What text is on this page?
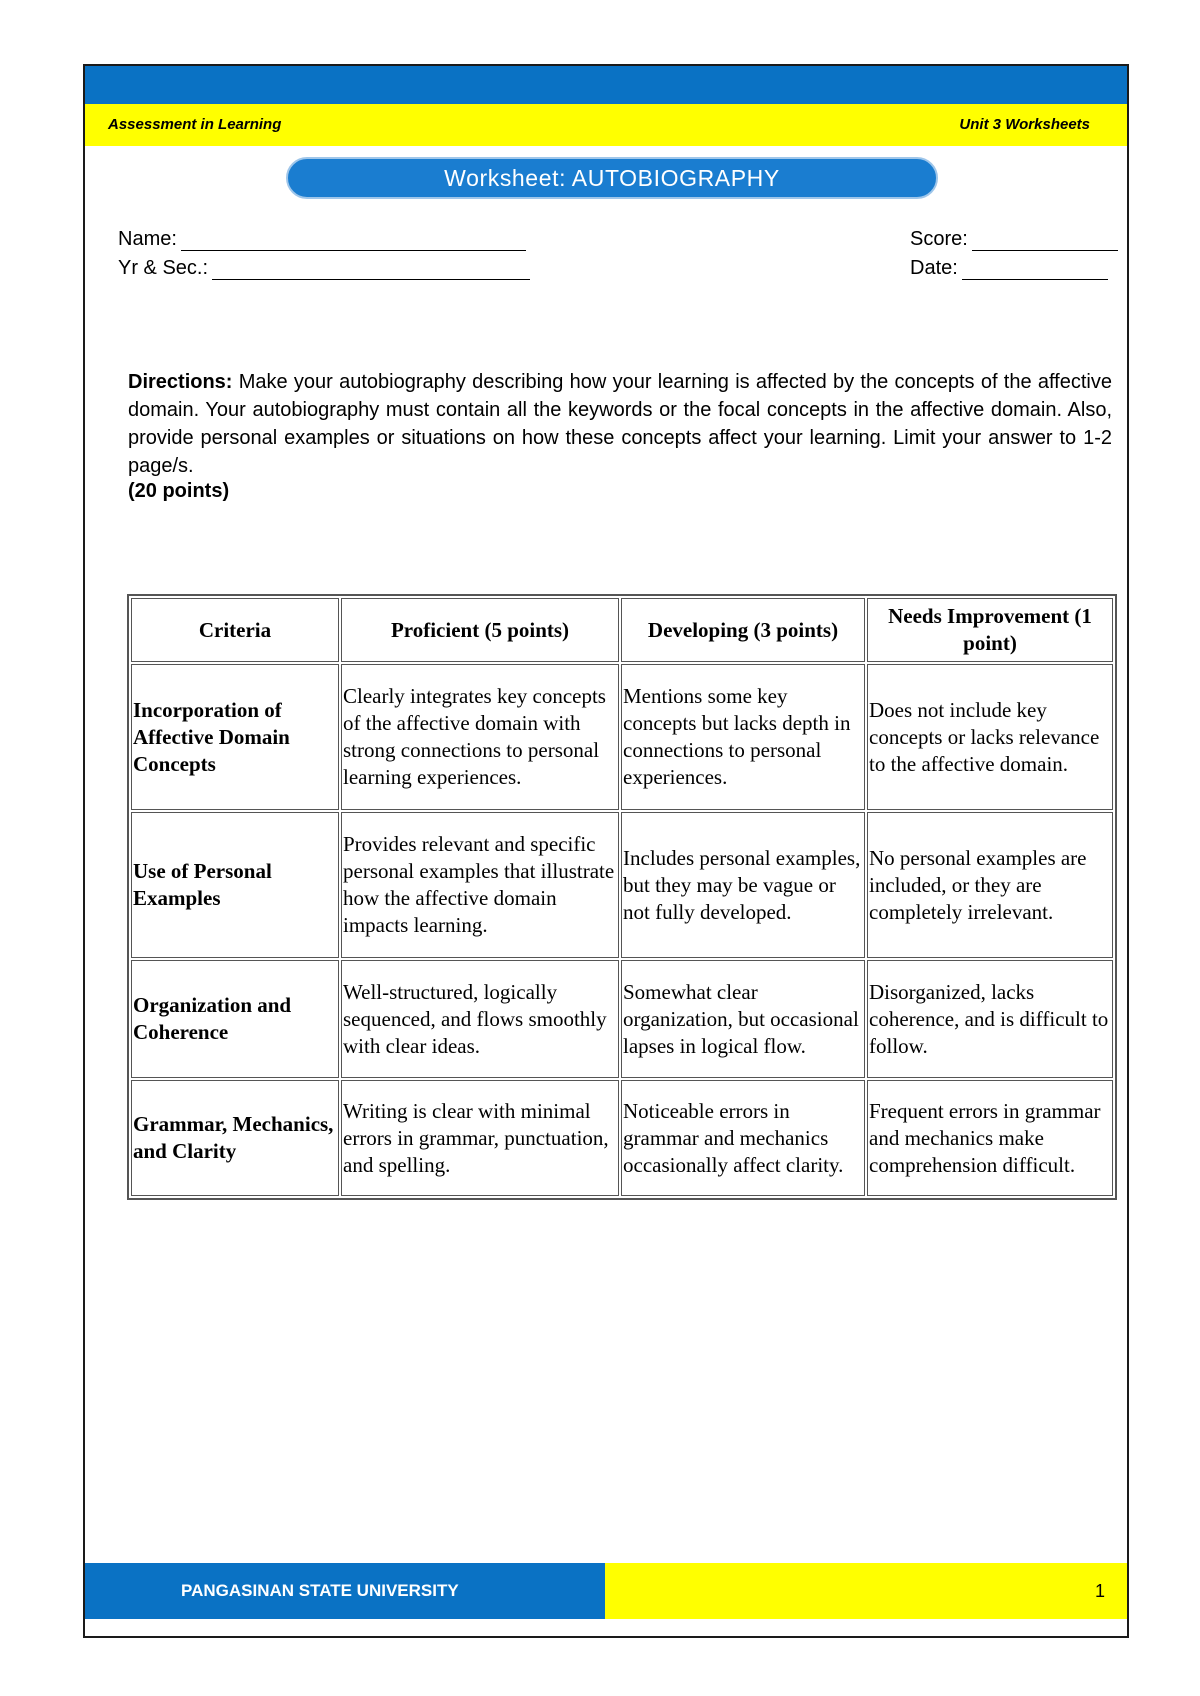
Assessment in Learning	Unit 3 Worksheets
Worksheet: AUTOBIOGRAPHY
Name:
Yr & Sec.:
Score:
Date:
Directions: Make your autobiography describing how your learning is affected by the concepts of the affective domain. Your autobiography must contain all the keywords or the focal concepts in the affective domain. Also, provide personal examples or situations on how these concepts affect your learning. Limit your answer to 1-2 page/s.
(20 points)
Criteria	Proficient (5 points)	Developing (3 points)	Needs Improvement (1 point)
Incorporation of Affective Domain Concepts	Clearly integrates key concepts of the affective domain with strong connections to personal learning experiences.	Mentions some key concepts but lacks depth in connections to personal experiences.	Does not include key concepts or lacks relevance to the affective domain.
Use of Personal Examples	Provides relevant and specific personal examples that illustrate how the affective domain impacts learning.	Includes personal examples, but they may be vague or not fully developed.	No personal examples are included, or they are completely irrelevant.
Organization and Coherence	Well-structured, logically sequenced, and flows smoothly with clear ideas.	Somewhat clear organization, but occasional lapses in logical flow.	Disorganized, lacks coherence, and is difficult to follow.
Grammar, Mechanics, and Clarity	Writing is clear with minimal errors in grammar, punctuation, and spelling.	Noticeable errors in grammar and mechanics occasionally affect clarity.	Frequent errors in grammar and mechanics make comprehension difficult.
PANGASINAN STATE UNIVERSITY	1
